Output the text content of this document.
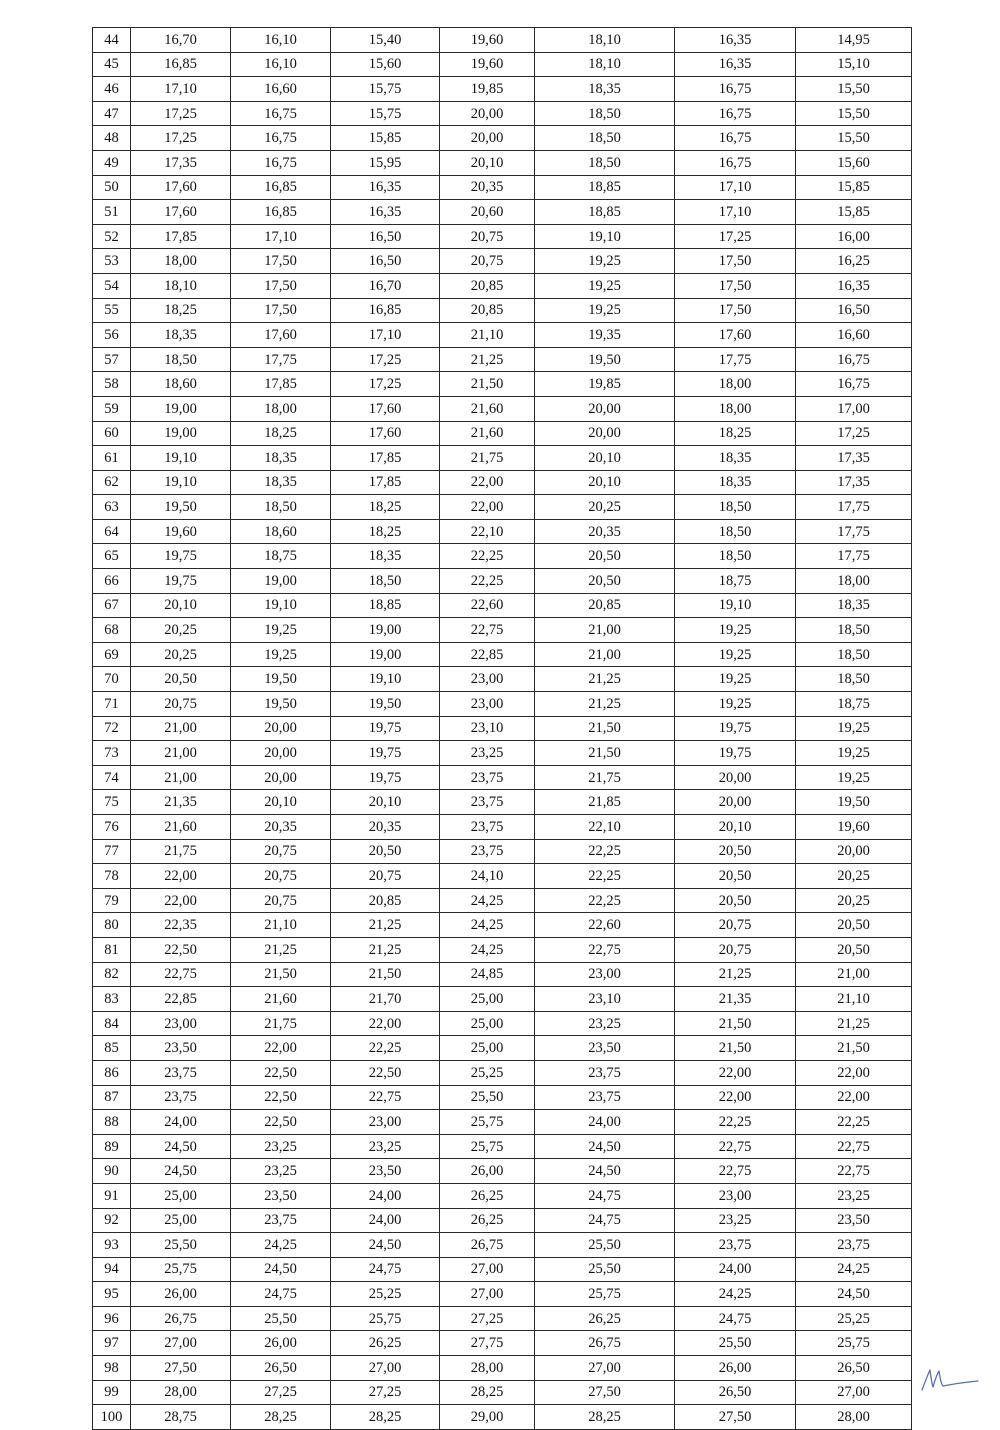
44	16,70	16,10	15,40	19,60	18,10	16,35	14,95
45	16,85	16,10	15,60	19,60	18,10	16,35	15,10
46	17,10	16,60	15,75	19,85	18,35	16,75	15,50
47	17,25	16,75	15,75	20,00	18,50	16,75	15,50
48	17,25	16,75	15,85	20,00	18,50	16,75	15,50
49	17,35	16,75	15,95	20,10	18,50	16,75	15,60
50	17,60	16,85	16,35	20,35	18,85	17,10	15,85
51	17,60	16,85	16,35	20,60	18,85	17,10	15,85
52	17,85	17,10	16,50	20,75	19,10	17,25	16,00
53	18,00	17,50	16,50	20,75	19,25	17,50	16,25
54	18,10	17,50	16,70	20,85	19,25	17,50	16,35
55	18,25	17,50	16,85	20,85	19,25	17,50	16,50
56	18,35	17,60	17,10	21,10	19,35	17,60	16,60
57	18,50	17,75	17,25	21,25	19,50	17,75	16,75
58	18,60	17,85	17,25	21,50	19,85	18,00	16,75
59	19,00	18,00	17,60	21,60	20,00	18,00	17,00
60	19,00	18,25	17,60	21,60	20,00	18,25	17,25
61	19,10	18,35	17,85	21,75	20,10	18,35	17,35
62	19,10	18,35	17,85	22,00	20,10	18,35	17,35
63	19,50	18,50	18,25	22,00	20,25	18,50	17,75
64	19,60	18,60	18,25	22,10	20,35	18,50	17,75
65	19,75	18,75	18,35	22,25	20,50	18,50	17,75
66	19,75	19,00	18,50	22,25	20,50	18,75	18,00
67	20,10	19,10	18,85	22,60	20,85	19,10	18,35
68	20,25	19,25	19,00	22,75	21,00	19,25	18,50
69	20,25	19,25	19,00	22,85	21,00	19,25	18,50
70	20,50	19,50	19,10	23,00	21,25	19,25	18,50
71	20,75	19,50	19,50	23,00	21,25	19,25	18,75
72	21,00	20,00	19,75	23,10	21,50	19,75	19,25
73	21,00	20,00	19,75	23,25	21,50	19,75	19,25
74	21,00	20,00	19,75	23,75	21,75	20,00	19,25
75	21,35	20,10	20,10	23,75	21,85	20,00	19,50
76	21,60	20,35	20,35	23,75	22,10	20,10	19,60
77	21,75	20,75	20,50	23,75	22,25	20,50	20,00
78	22,00	20,75	20,75	24,10	22,25	20,50	20,25
79	22,00	20,75	20,85	24,25	22,25	20,50	20,25
80	22,35	21,10	21,25	24,25	22,60	20,75	20,50
81	22,50	21,25	21,25	24,25	22,75	20,75	20,50
82	22,75	21,50	21,50	24,85	23,00	21,25	21,00
83	22,85	21,60	21,70	25,00	23,10	21,35	21,10
84	23,00	21,75	22,00	25,00	23,25	21,50	21,25
85	23,50	22,00	22,25	25,00	23,50	21,50	21,50
86	23,75	22,50	22,50	25,25	23,75	22,00	22,00
87	23,75	22,50	22,75	25,50	23,75	22,00	22,00
88	24,00	22,50	23,00	25,75	24,00	22,25	22,25
89	24,50	23,25	23,25	25,75	24,50	22,75	22,75
90	24,50	23,25	23,50	26,00	24,50	22,75	22,75
91	25,00	23,50	24,00	26,25	24,75	23,00	23,25
92	25,00	23,75	24,00	26,25	24,75	23,25	23,50
93	25,50	24,25	24,50	26,75	25,50	23,75	23,75
94	25,75	24,50	24,75	27,00	25,50	24,00	24,25
95	26,00	24,75	25,25	27,00	25,75	24,25	24,50
96	26,75	25,50	25,75	27,25	26,25	24,75	25,25
97	27,00	26,00	26,25	27,75	26,75	25,50	25,75
98	27,50	26,50	27,00	28,00	27,00	26,00	26,50
99	28,00	27,25	27,25	28,25	27,50	26,50	27,00
100	28,75	28,25	28,25	29,00	28,25	27,50	28,00
